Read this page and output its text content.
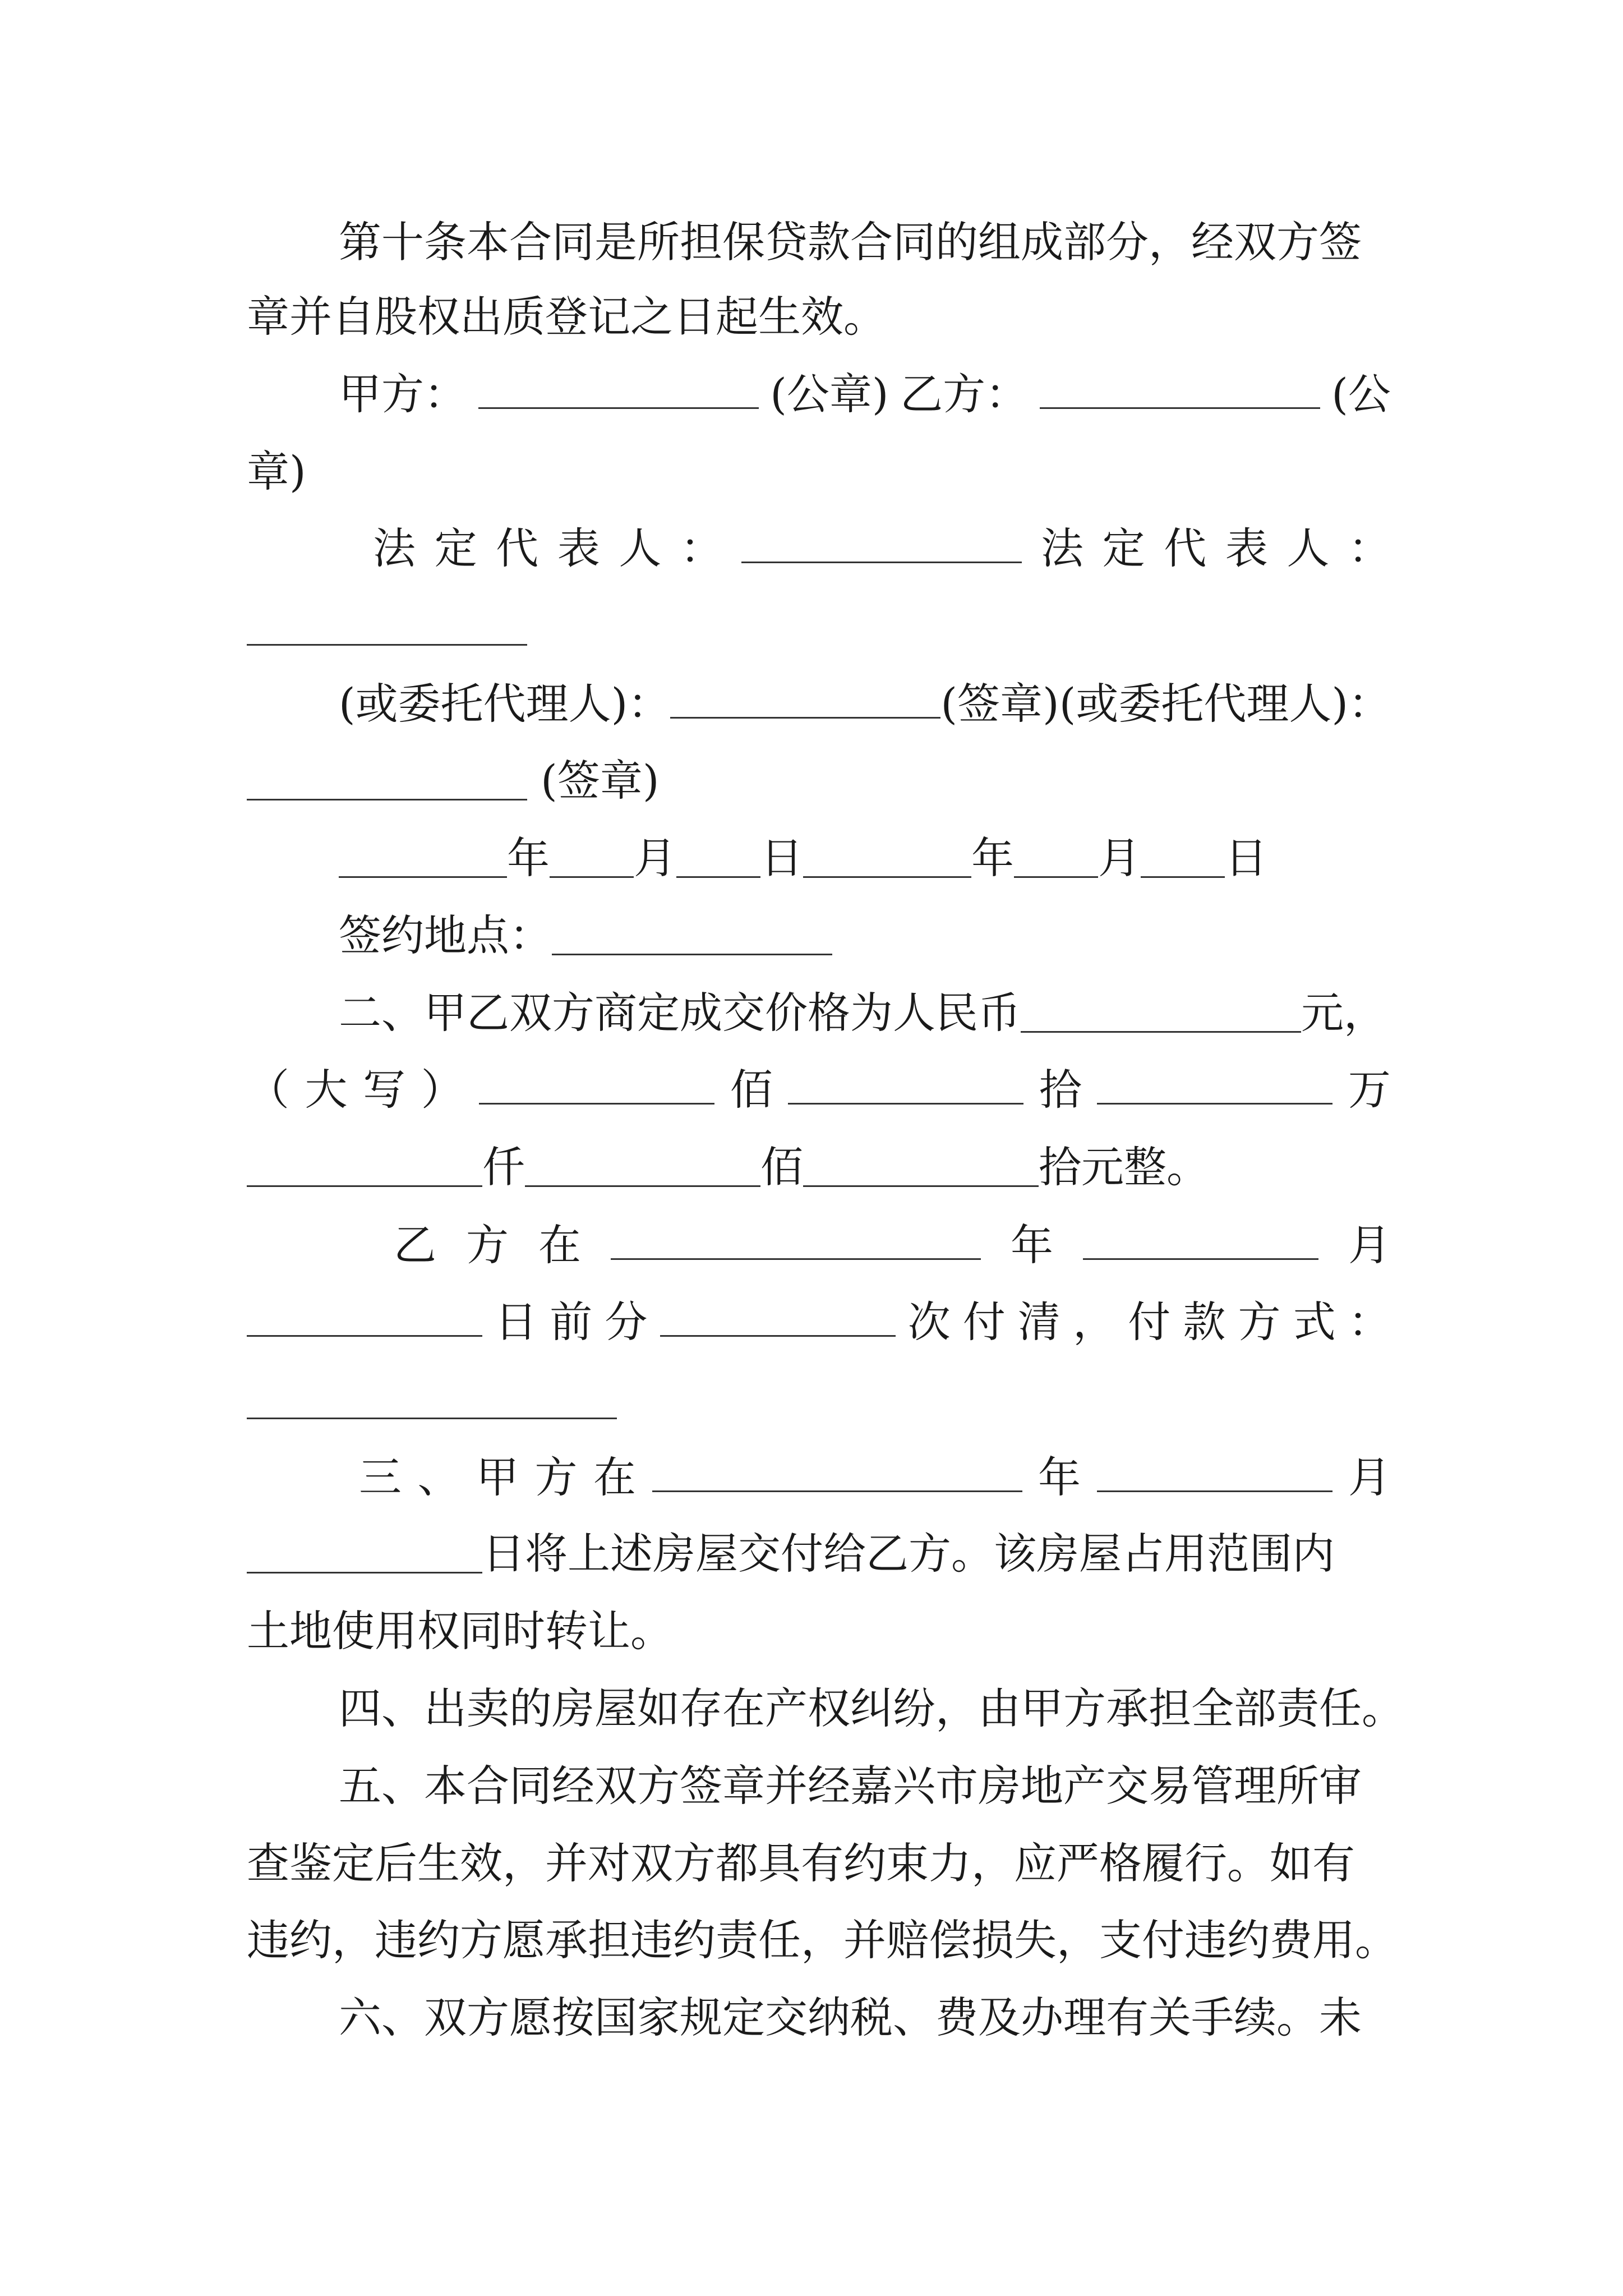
第十条本合同是所担保贷款合同的组成部分，经双方签
章并自股权出质登记之日起生效。
甲方：	(公章) 乙方：	(公
章)
法 定 代 表 人 ：	法 定 代 表 人 ：
(或委托代理人)：	(签章) (或委托代理人)：
(签章)
年 月 日	年 月 日
签约地点：
二、甲乙双方商定成交价格为人民币	元，
（ 大 写 ）	佰	拾	万
仟	佰	拾元整。
乙 方 在	年	月
日 前 分	次 付 清 ， 付 款 方 式 ：
三 、 甲 方 在	年	月
日将上述房屋交付给乙方。该房屋占用范围内
土地使用权同时转让。
四、出卖的房屋如存在产权纠纷，由甲方承担全部责任。
五、本合同经双方签章并经嘉兴市房地产交易管理所审
查鉴定后生效，并对双方都具有约束力，应严格履行。如有
违约，违约方愿承担违约责任，并赔偿损失，支付违约费用。
六、双方愿按国家规定交纳税、费及办理有关手续。未
